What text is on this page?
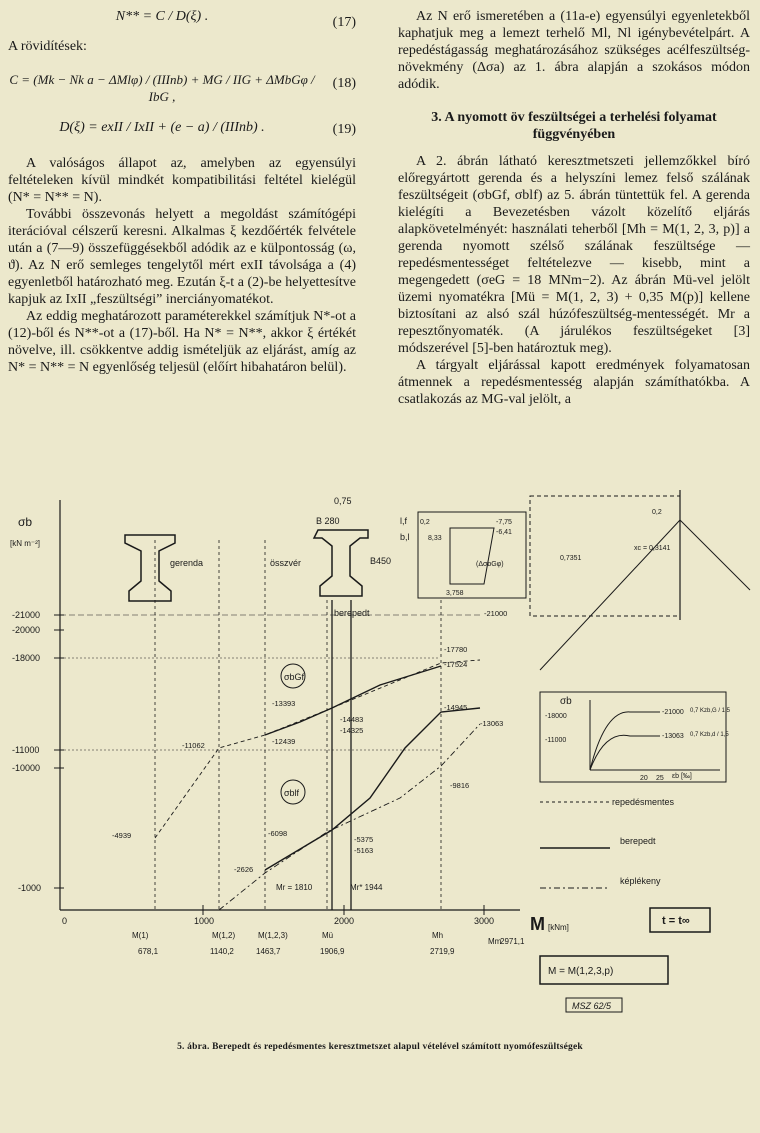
N** = C / D(ξ) .	(17)

A rövidítések:

C = (Mk − Nk a − ΔMlφ) / (IIInb) + MG / IIG + ΔMbGφ / IbG ,
(18)
D(ξ) = exII / IxII + (e − a) / (IIInb) .	(19)

A valóságos állapot az, amelyben az egyensúlyi feltételeken kívül mindkét kompatibilitási feltétel kielégül (N* = N** = N).

További összevonás helyett a megoldást számítógépi iterációval célszerű keresni. Alkalmas ξ kezdőérték felvétele után a (7—9) összefüggésekből adódik az e külpontosság (ω, ϑ). Az N erő semleges tengelytől mért exII távolsága a (4) egyenletből határozható meg. Ezután ξ-t a (2)-be helyettesítve kapjuk az IxII „feszültségi” inerciányomatékot.

Az eddig meghatározott paraméterekkel számítjuk N*-ot a (12)-ből és N**-ot a (17)-ből. Ha N* = N**, akkor ξ értékét növelve, ill. csökkentve addig ismételjük az eljárást, amíg az N* = N** = N egyenlőség teljesül (előírt hibahatáron belül).

Az N erő ismeretében a (11a-e) egyensúlyi egyenletekből kaphatjuk meg a lemezt terhelő Ml, Nl igénybevételpárt. A repedéstágasság meghatározásához szükséges acélfeszültség-növekmény (Δσa) az 1. ábra alapján a szokásos módon adódik.

3. A nyomott öv feszültségei a terhelési folyamat függvényében

A 2. ábrán látható keresztmetszeti jellemzőkkel bíró előregyártott gerenda és a helyszíni lemez felső szálának feszültségeit (σbGf, σblf) az 5. ábrán tüntettük fel. A gerenda kielégíti a Bevezetésben vázolt közelítő eljárás alapkövetelményét: használati teherből [Mh = M(1, 2, 3, p)] a gerenda nyomott szélső szálának feszültsége — repedésmentességet feltételezve — kisebb, mint a megengedett (σeG = 18 MNm−2). Az ábrán Mü-vel jelölt üzemi nyomatékra [Mü = M(1, 2, 3) + 0,35 M(p)] kellene biztosítani az alsó szál húzófeszültség-mentességét. Mr a repesztőnyomaték. (A járulékos feszültségeket [3] módszerével [5]-ben határoztuk meg).

A tárgyalt eljárással kapott eredmények folyamatosan átmennek a repedésmentesség alapján számíthatókba. A csatlakozás az MG-val jelölt, a

σb
[kN m⁻²]
-21000
-20000
-18000
-11000
-10000
-1000
0	1000	2000	3000 M [kNm]
-4939
-11062	-12439
-13393
-14483
-14325
-2626
-6098
-5375
-5163
-17780
-17524
-14945
-13063
-9816
-21000
σbGf
σblf
M(1)
678,1
M(1,2)
1140,2
M(1,2,3)
1463,7
Mü
1906,9
Mh
2719,9
Mm
2971,1
Mr = 1810	Mr* 1944
gerenda	összvér
berepedt
B 280
B450
0,75
l,f
b,l
0,2
8,33
-7,75
-6,41
3,758
(ΔσbGφ)
0,2
xc = 0,3141
0,7351
σb
-18000
-11000
-21000
-13063
20 25 εb [‰]
0,7 Kzb,G / 1,5
0,7 Kzb,d / 1,5
repedésmentes
berepedt
képlékeny
t = t∞
M = M(1,2,3,p)
MSZ 62/5
5. ábra. Berepedt és repedésmentes keresztmetszet alapul vételével számított nyomófeszültségek
